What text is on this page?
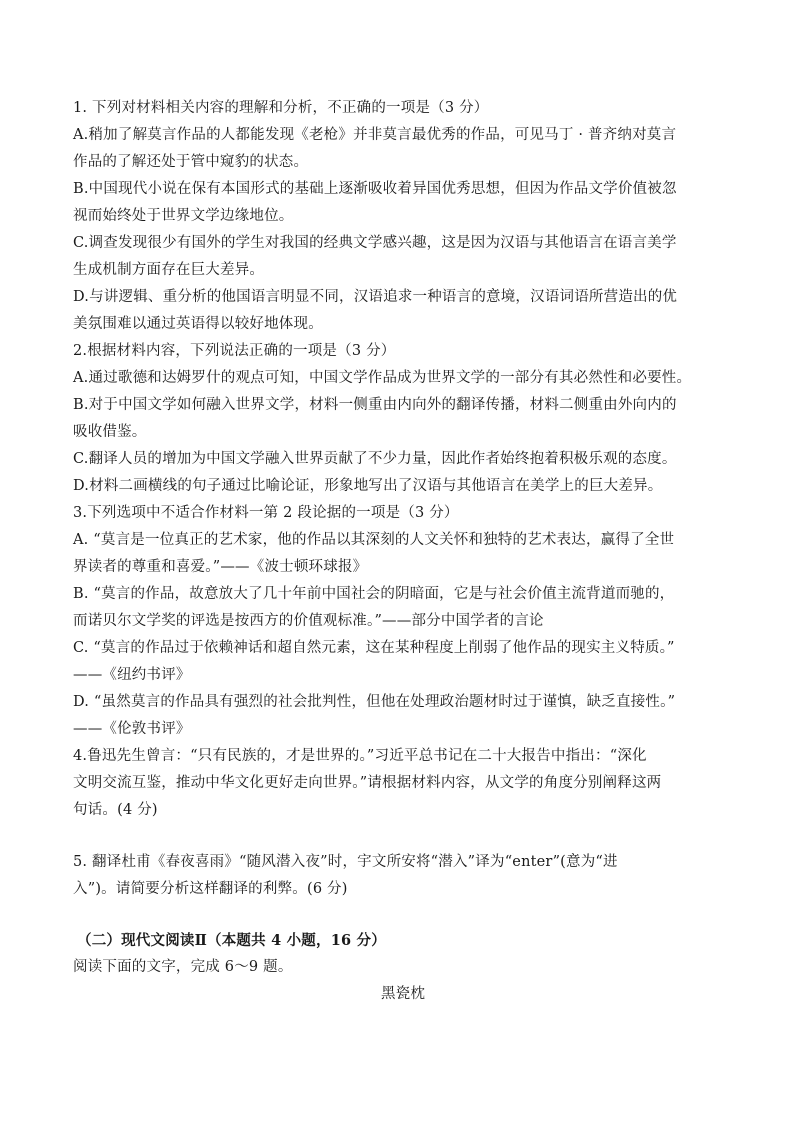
1. 下列对材料相关内容的理解和分析，不正确的一项是（3 分）
A.稍加了解莫言作品的人都能发现《老枪》并非莫言最优秀的作品，可见马丁 · 普齐纳对莫言
作品的了解还处于管中窥豹的状态。
B.中国现代小说在保有本国形式的基础上逐渐吸收着异国优秀思想，但因为作品文学价值被忽
视而始终处于世界文学边缘地位。
C.调查发现很少有国外的学生对我国的经典文学感兴趣，这是因为汉语与其他语言在语言美学
生成机制方面存在巨大差异。
D.与讲逻辑、重分析的他国语言明显不同，汉语追求一种语言的意境，汉语词语所营造出的优
美氛围难以通过英语得以较好地体现。
2.根据材料内容，下列说法正确的一项是（3 分）
A.通过歌德和达姆罗什的观点可知，中国文学作品成为世界文学的一部分有其必然性和必要性。
B.对于中国文学如何融入世界文学，材料一侧重由内向外的翻译传播，材料二侧重由外向内的
吸收借鉴。
C.翻译人员的增加为中国文学融入世界贡献了不少力量，因此作者始终抱着积极乐观的态度。
D.材料二画横线的句子通过比喻论证，形象地写出了汉语与其他语言在美学上的巨大差异。
3.下列选项中不适合作材料一第 2 段论据的一项是（3 分）
A. “莫言是一位真正的艺术家，他的作品以其深刻的人文关怀和独特的艺术表达，赢得了全世
界读者的尊重和喜爱。”——《波士顿环球报》
B. “莫言的作品，故意放大了几十年前中国社会的阴暗面，它是与社会价值主流背道而驰的，
而诺贝尔文学奖的评选是按西方的价值观标准。”——部分中国学者的言论
C. “莫言的作品过于依赖神话和超自然元素，这在某种程度上削弱了他作品的现实主义特质。”
——《纽约书评》
D. “虽然莫言的作品具有强烈的社会批判性，但他在处理政治题材时过于谨慎，缺乏直接性。”
——《伦敦书评》
4.鲁迅先生曾言：“只有民族的，才是世界的。”习近平总书记在二十大报告中指出：“深化
文明交流互鉴，推动中华文化更好走向世界。”请根据材料内容，从文学的角度分别阐释这两
句话。(4 分)
5. 翻译杜甫《春夜喜雨》“随风潜入夜”时，宇文所安将“潜入”译为“enter”(意为“进
入”)。请简要分析这样翻译的利弊。(6 分)
（二）现代文阅读Ⅱ（本题共 4 小题，16 分）
阅读下面的文字，完成 6～9 题。
黑瓷枕
